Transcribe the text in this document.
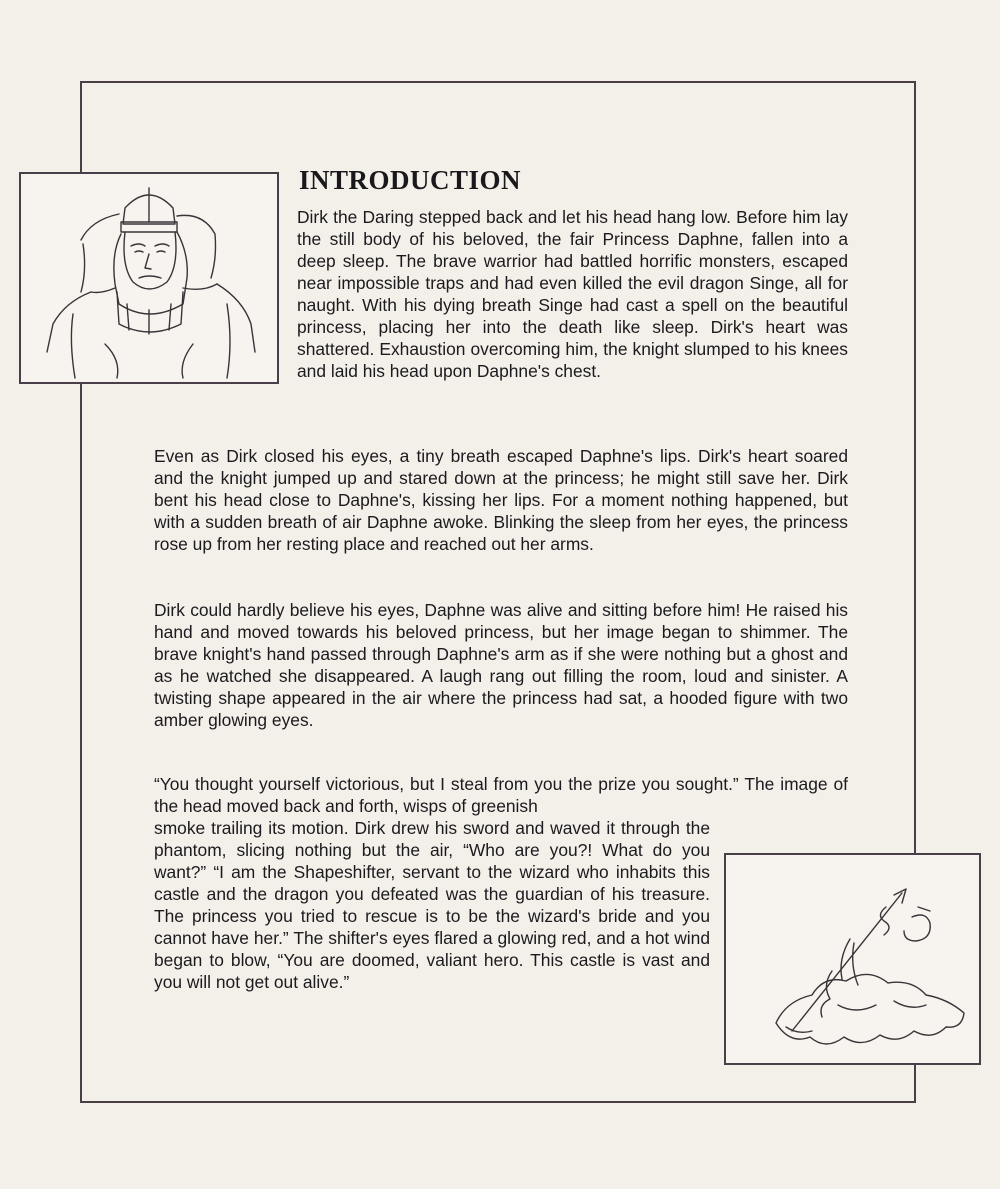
INTRODUCTION

Dirk the Daring stepped back and let his head hang low. Before him lay the still body of his beloved, the fair Princess Daphne, fallen into a deep sleep. The brave warrior had battled horrific monsters, escaped near impossible traps and had even killed the evil dragon Singe, all for naught. With his dying breath Singe had cast a spell on the beautiful princess, placing her into the death like sleep. Dirk's heart was shattered. Exhaustion overcoming him, the knight slumped to his knees and laid his head upon Daphne's chest.

Even as Dirk closed his eyes, a tiny breath escaped Daphne's lips. Dirk's heart soared and the knight jumped up and stared down at the princess; he might still save her. Dirk bent his head close to Daphne's, kissing her lips. For a moment nothing happened, but with a sudden breath of air Daphne awoke. Blinking the sleep from her eyes, the princess rose up from her resting place and reached out her arms.

Dirk could hardly believe his eyes, Daphne was alive and sitting before him! He raised his hand and moved towards his beloved princess, but her image began to shimmer. The brave knight's hand passed through Daphne's arm as if she were nothing but a ghost and as he watched she disappeared. A laugh rang out filling the room, loud and sinister. A twisting shape appeared in the air where the princess had sat, a hooded figure with two amber glowing eyes.

“You thought yourself victorious, but I steal from you the prize you sought.” The image of the head moved back and forth, wisps of greenish

smoke trailing its motion. Dirk drew his sword and waved it through the phantom, slicing nothing but the air, “Who are you?! What do you want?” “I am the Shapeshifter, servant to the wizard who inhabits this castle and the dragon you defeated was the guardian of his treasure. The princess you tried to rescue is to be the wizard's bride and you cannot have her.” The shifter's eyes flared a glowing red, and a hot wind began to blow, “You are doomed, valiant hero. This castle is vast and you will not get out alive.”
